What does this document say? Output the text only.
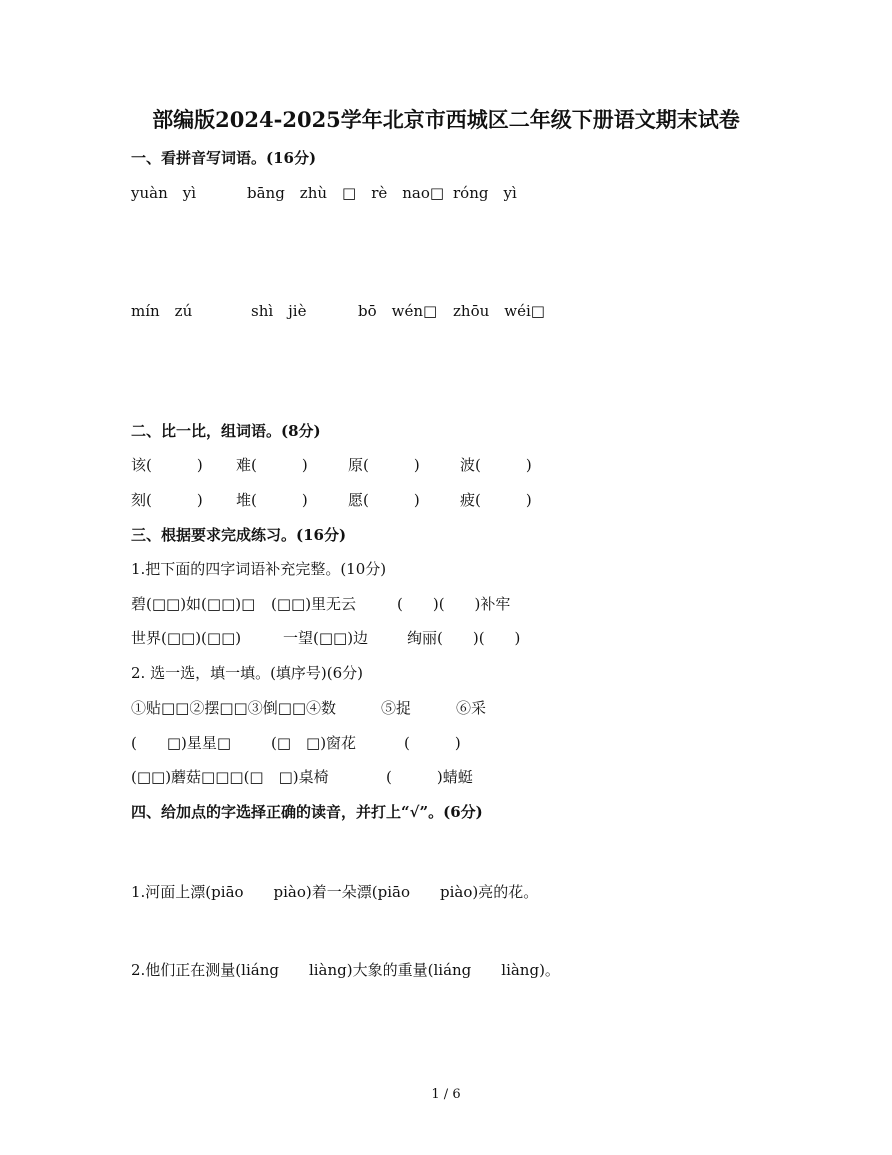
部编版2024-2025学年北京市西城区二年级下册语文期末试卷
一、看拼音写词语。(16分)
yuàn　yì	bāng　zhù　□　rè　nao□ róng　yì
mín　zú	shì　jiè	bō　wén□ zhōu　wéi□
二、比一比，组词语。(8分)
该(　　　) 难(　　　)	原(　　　)	波(　　　)
刻(　　　) 堆(　　　)	愿(　　　)	疲(　　　)
三、根据要求完成练习。(16分)
1.把下面的四字词语补充完整。(10分)
碧(□□)如(□□)□ (□□)里无云	(　　)(　　)补牢
世界(□□)(□□)	一望(□□)边	绚丽(　　)(　　)
2. 选一选，填一填。(填序号)(6分)
①贴□□②摆□□③倒□□④数	⑤捉	⑥采
(　　□)星星□	(□　□)窗花	(　　　)
(□□)蘑菇□□□(□　□)桌椅	(　　　)蜻蜓
四、给加点的字选择正确的读音，并打上“√”。(6分)
1.河面上漂(piāo　　piào)着一朵漂(piāo　　piào)亮的花。
2.他们正在测量(liáng　　liàng)大象的重量(liáng　　liàng)。
1 / 6
